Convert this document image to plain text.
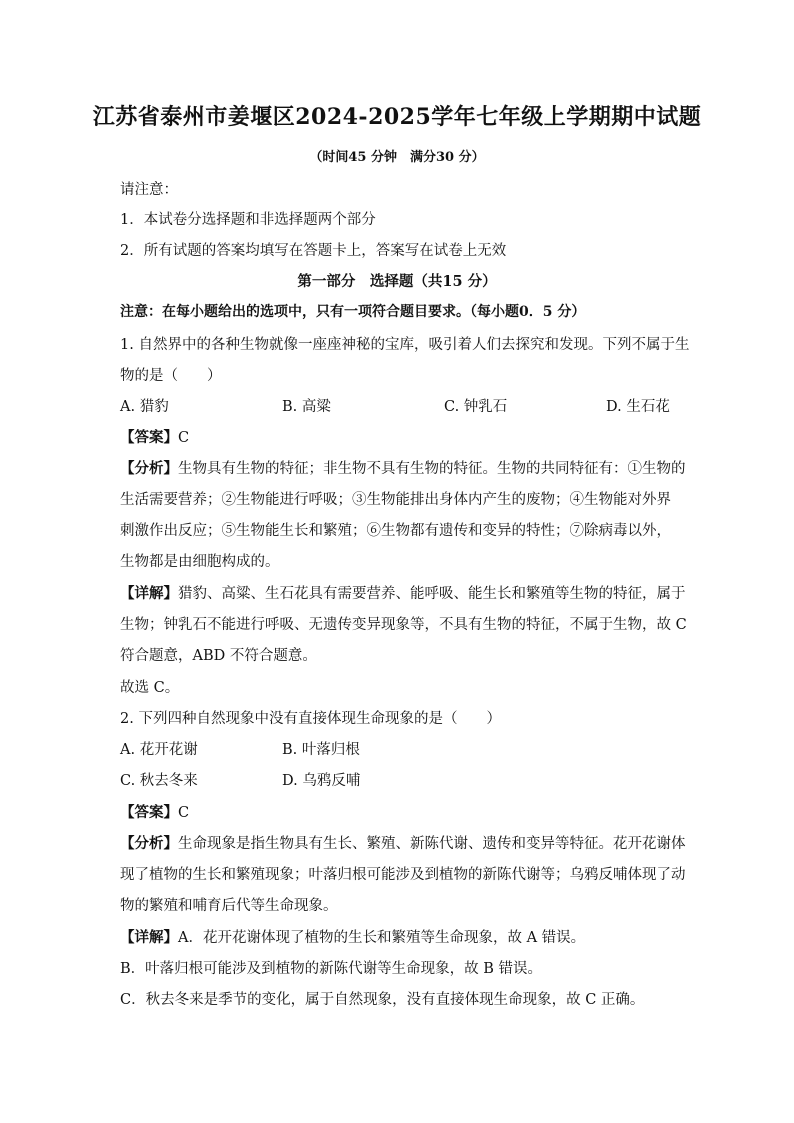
江苏省泰州市姜堰区2024-2025学年七年级上学期期中试题
（时间45 分钟　满分30 分）
请注意：
1．本试卷分选择题和非选择题两个部分
2．所有试题的答案均填写在答题卡上，答案写在试卷上无效
第一部分　选择题（共15 分）
注意：在每小题给出的选项中，只有一项符合题目要求。（每小题0．5 分）
1. 自然界中的各种生物就像一座座神秘的宝库，吸引着人们去探究和发现。下列不属于生
物的是（　　）
A. 猎豹	B. 高粱	C. 钟乳石	D. 生石花
【答案】C
【分析】生物具有生物的特征；非生物不具有生物的特征。生物的共同特征有：①生物的
生活需要营养；②生物能进行呼吸；③生物能排出身体内产生的废物；④生物能对外界
刺激作出反应；⑤生物能生长和繁殖；⑥生物都有遗传和变异的特性；⑦除病毒以外，
生物都是由细胞构成的。
【详解】猎豹、高粱、生石花具有需要营养、能呼吸、能生长和繁殖等生物的特征，属于
生物；钟乳石不能进行呼吸、无遗传变异现象等，不具有生物的特征，不属于生物，故 C
符合题意，ABD 不符合题意。
故选 C。
2. 下列四种自然现象中没有直接体现生命现象的是（　　）
A. 花开花谢	B. 叶落归根
C. 秋去冬来	D. 乌鸦反哺
【答案】C
【分析】生命现象是指生物具有生长、繁殖、新陈代谢、遗传和变异等特征。花开花谢体
现了植物的生长和繁殖现象；叶落归根可能涉及到植物的新陈代谢等；乌鸦反哺体现了动
物的繁殖和哺育后代等生命现象。
【详解】A．花开花谢体现了植物的生长和繁殖等生命现象，故 A 错误。
B．叶落归根可能涉及到植物的新陈代谢等生命现象，故 B 错误。
C．秋去冬来是季节的变化，属于自然现象，没有直接体现生命现象，故 C 正确。
